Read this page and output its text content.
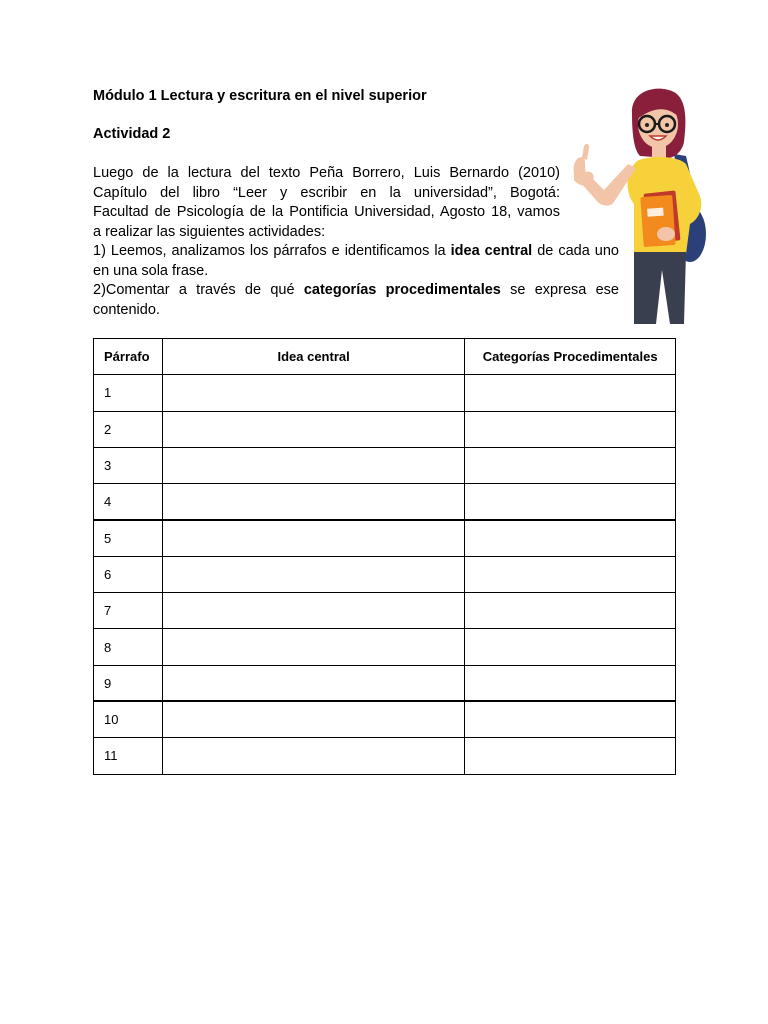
Módulo 1 Lectura y escritura en el nivel superior
Actividad 2
Luego de la lectura del texto Peña Borrero, Luis Bernardo (2010)
Capítulo del libro “Leer y escribir en la universidad”, Bogotá:
Facultad de Psicología de la Pontificia Universidad, Agosto 18, vamos
a realizar las siguientes actividades:
1) Leemos, analizamos los párrafos e identificamos la idea central de cada uno en una sola frase.
2)Comentar a través de qué categorías procedimentales se expresa ese contenido.
Párrafo	Idea central	Categorías Procedimentales
1		
2		
3		
4		
5		
6		
7		
8		
9		
10		
11		
